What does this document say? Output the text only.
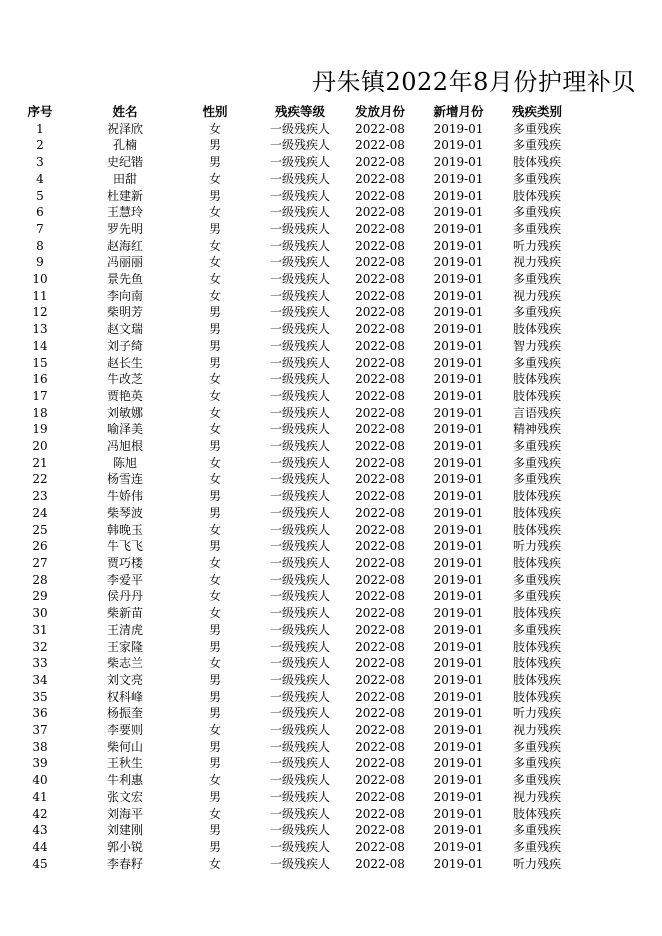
丹朱镇2022年8月份护理补贝
序号	姓名	性别	残疾等级	发放月份	新增月份	残疾类别
1	祝泽欣	女	一级残疾人	2022-08	2019-01	多重残疾
2	孔楠	男	一级残疾人	2022-08	2019-01	多重残疾
3	史纪锴	男	一级残疾人	2022-08	2019-01	肢体残疾
4	田甜	女	一级残疾人	2022-08	2019-01	多重残疾
5	杜建新	男	一级残疾人	2022-08	2019-01	肢体残疾
6	王慧玲	女	一级残疾人	2022-08	2019-01	多重残疾
7	罗先明	男	一级残疾人	2022-08	2019-01	多重残疾
8	赵海红	女	一级残疾人	2022-08	2019-01	听力残疾
9	冯丽丽	女	一级残疾人	2022-08	2019-01	视力残疾
10	景先鱼	女	一级残疾人	2022-08	2019-01	多重残疾
11	李向南	女	一级残疾人	2022-08	2019-01	视力残疾
12	柴明芳	男	一级残疾人	2022-08	2019-01	多重残疾
13	赵文瑞	男	一级残疾人	2022-08	2019-01	肢体残疾
14	刘子绮	男	一级残疾人	2022-08	2019-01	智力残疾
15	赵长生	男	一级残疾人	2022-08	2019-01	多重残疾
16	牛改芝	女	一级残疾人	2022-08	2019-01	肢体残疾
17	贾艳英	女	一级残疾人	2022-08	2019-01	肢体残疾
18	刘敏娜	女	一级残疾人	2022-08	2019-01	言语残疾
19	喻泽美	女	一级残疾人	2022-08	2019-01	精神残疾
20	冯旭根	男	一级残疾人	2022-08	2019-01	多重残疾
21	陈旭	女	一级残疾人	2022-08	2019-01	多重残疾
22	杨雪连	女	一级残疾人	2022-08	2019-01	多重残疾
23	牛娇伟	男	一级残疾人	2022-08	2019-01	肢体残疾
24	柴琴波	男	一级残疾人	2022-08	2019-01	肢体残疾
25	韩晚玉	女	一级残疾人	2022-08	2019-01	肢体残疾
26	牛飞飞	男	一级残疾人	2022-08	2019-01	听力残疾
27	贾巧楼	女	一级残疾人	2022-08	2019-01	肢体残疾
28	李爱平	女	一级残疾人	2022-08	2019-01	多重残疾
29	侯丹丹	女	一级残疾人	2022-08	2019-01	多重残疾
30	柴新苗	女	一级残疾人	2022-08	2019-01	肢体残疾
31	王清虎	男	一级残疾人	2022-08	2019-01	多重残疾
32	王家隆	男	一级残疾人	2022-08	2019-01	肢体残疾
33	柴志兰	女	一级残疾人	2022-08	2019-01	肢体残疾
34	刘文亮	男	一级残疾人	2022-08	2019-01	肢体残疾
35	权科峰	男	一级残疾人	2022-08	2019-01	肢体残疾
36	杨振奎	男	一级残疾人	2022-08	2019-01	听力残疾
37	李要则	女	一级残疾人	2022-08	2019-01	视力残疾
38	柴何山	男	一级残疾人	2022-08	2019-01	多重残疾
39	王秋生	男	一级残疾人	2022-08	2019-01	多重残疾
40	牛利惠	女	一级残疾人	2022-08	2019-01	多重残疾
41	张文宏	男	一级残疾人	2022-08	2019-01	视力残疾
42	刘海平	女	一级残疾人	2022-08	2019-01	肢体残疾
43	刘建刚	男	一级残疾人	2022-08	2019-01	多重残疾
44	郭小锐	男	一级残疾人	2022-08	2019-01	多重残疾
45	李春籽	女	一级残疾人	2022-08	2019-01	听力残疾
